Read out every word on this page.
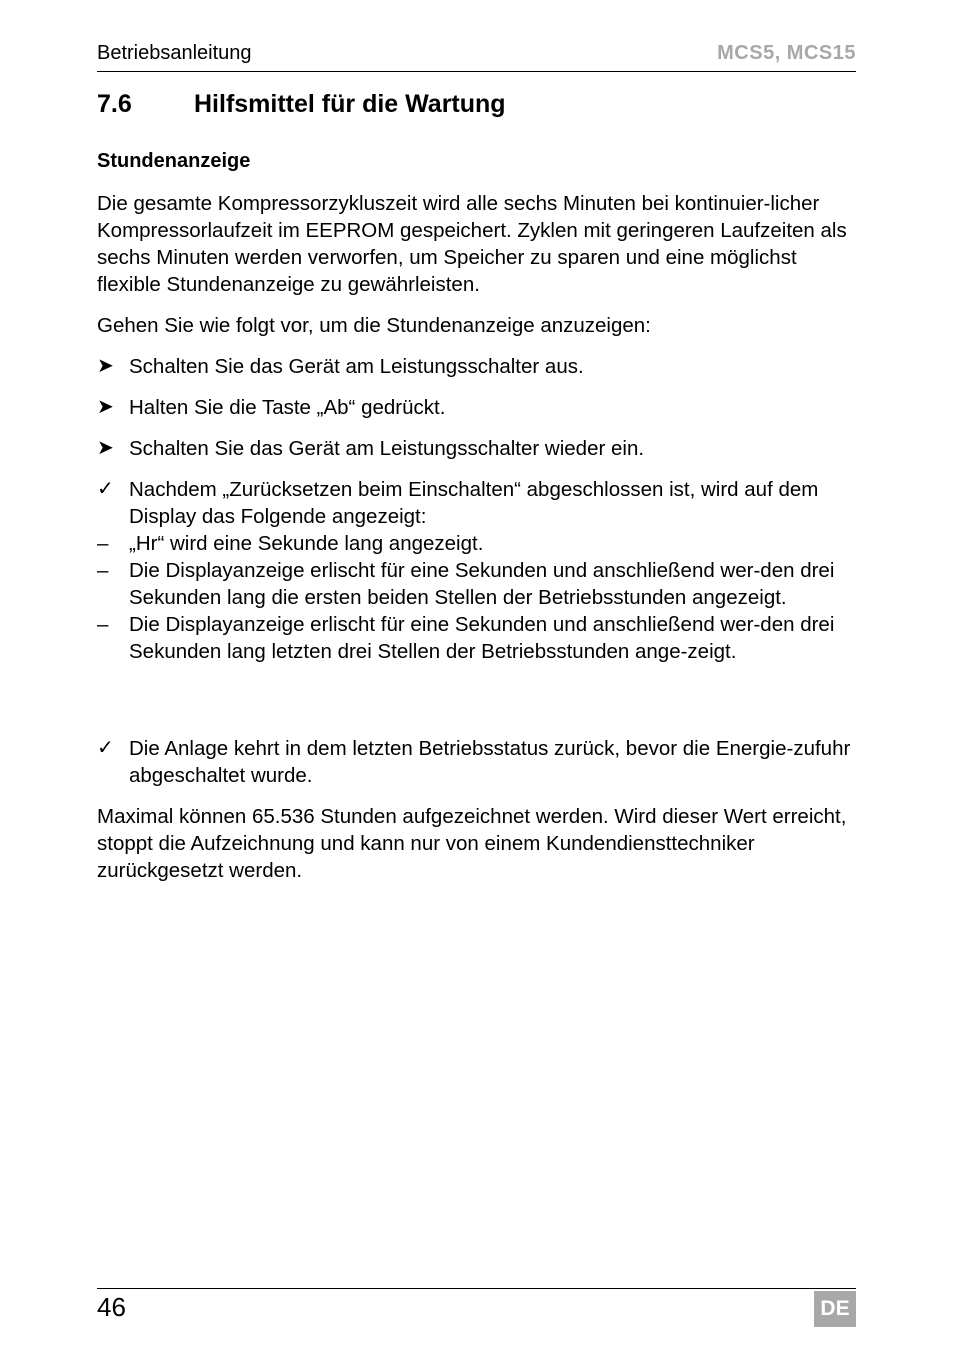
Betriebsanleitung	MCS5, MCS15
7.6 Hilfsmittel für die Wartung
Stundenanzeige

Die gesamte Kompressorzykluszeit wird alle sechs Minuten bei kontinuier-licher Kompressorlaufzeit im EEPROM gespeichert. Zyklen mit geringeren Laufzeiten als sechs Minuten werden verworfen, um Speicher zu sparen und eine möglichst flexible Stundenanzeige zu gewährleisten.

Gehen Sie wie folgt vor, um die Stundenanzeige anzuzeigen:

➤ Schalten Sie das Gerät am Leistungsschalter aus.
➤ Halten Sie die Taste „Ab“ gedrückt.
➤ Schalten Sie das Gerät am Leistungsschalter wieder ein.
✓ Nachdem „Zurücksetzen beim Einschalten“ abgeschlossen ist, wird auf dem Display das Folgende angezeigt:
–	„Hr“ wird eine Sekunde lang angezeigt.
–	Die Displayanzeige erlischt für eine Sekunden und anschließend wer-den drei Sekunden lang die ersten beiden Stellen der Betriebsstunden angezeigt.
–	Die Displayanzeige erlischt für eine Sekunden und anschließend wer-den drei Sekunden lang letzten drei Stellen der Betriebsstunden ange-zeigt.
✓ Die Anlage kehrt in dem letzten Betriebsstatus zurück, bevor die Energie-zufuhr abgeschaltet wurde.

Maximal können 65.536 Stunden aufgezeichnet werden. Wird dieser Wert erreicht, stoppt die Aufzeichnung und kann nur von einem Kundendiensttechniker zurückgesetzt werden.

46	DE
